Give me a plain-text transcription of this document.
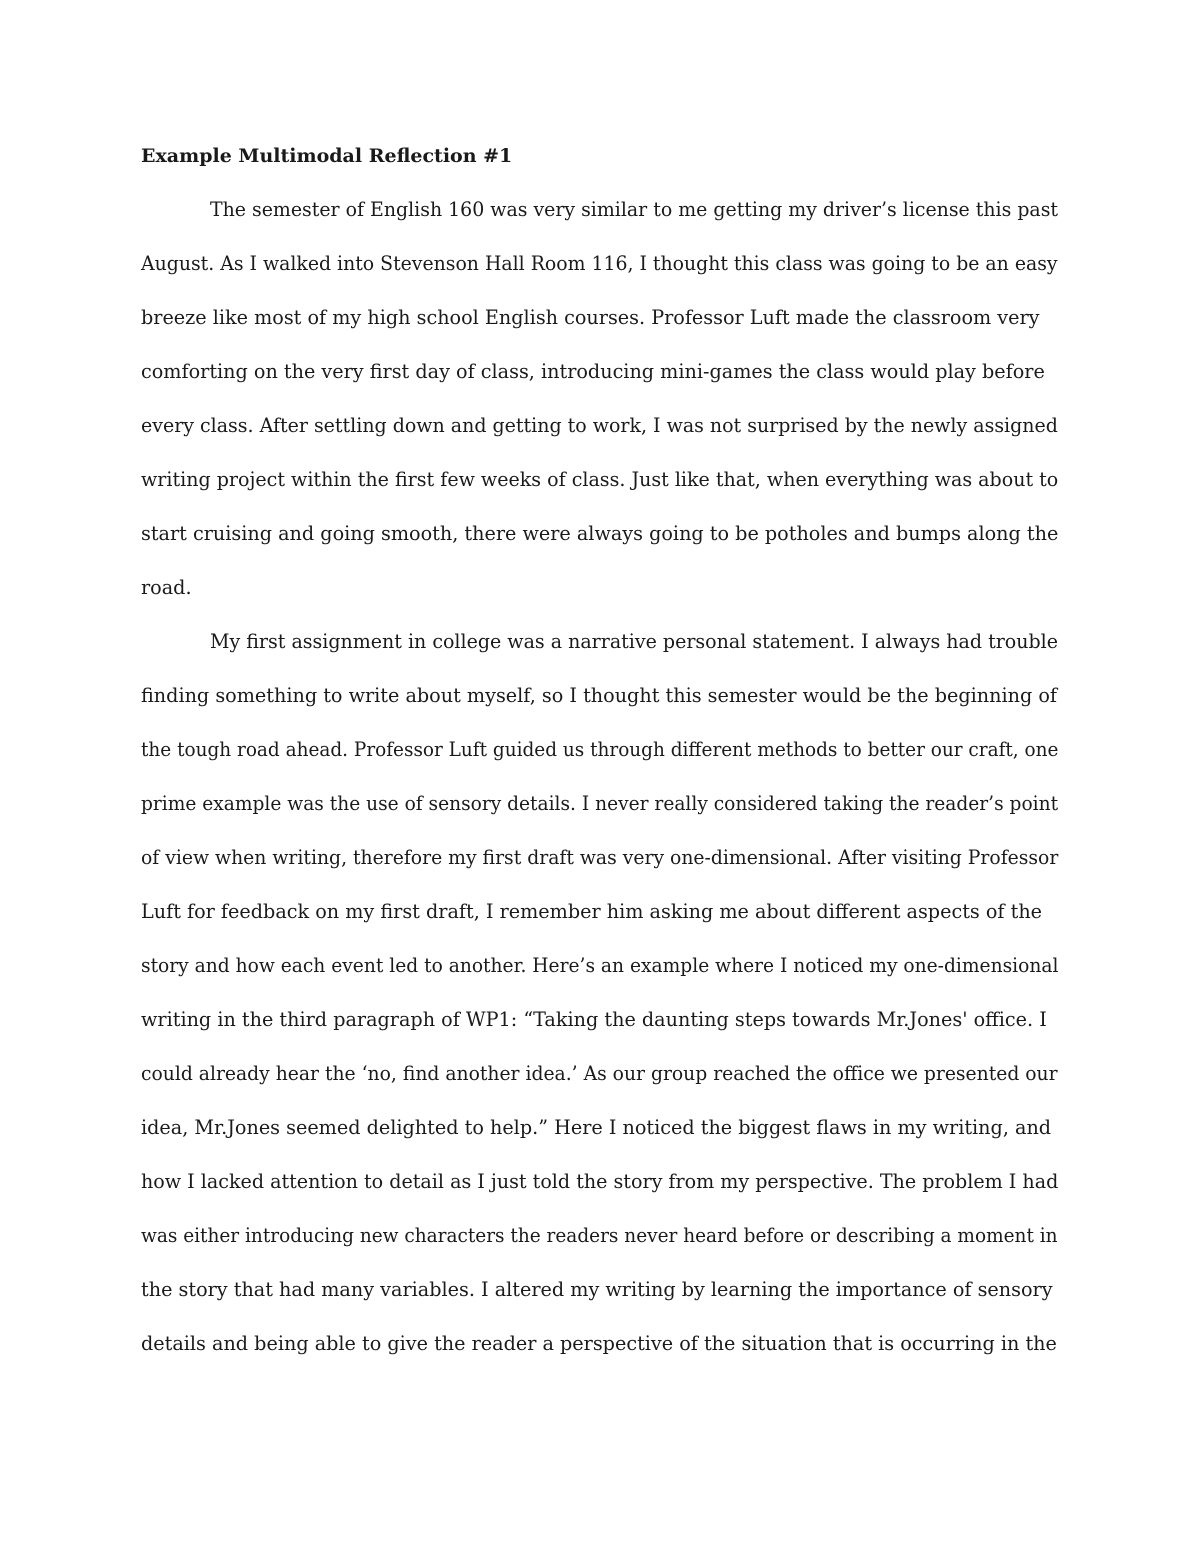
Example Multimodal Reflection #1
The semester of English 160 was very similar to me getting my driver’s license this past
August. As I walked into Stevenson Hall Room 116, I thought this class was going to be an easy
breeze like most of my high school English courses. Professor Luft made the classroom very
comforting on the very first day of class, introducing mini-games the class would play before
every class. After settling down and getting to work, I was not surprised by the newly assigned
writing project within the first few weeks of class. Just like that, when everything was about to
start cruising and going smooth, there were always going to be potholes and bumps along the
road.
My first assignment in college was a narrative personal statement. I always had trouble
finding something to write about myself, so I thought this semester would be the beginning of
the tough road ahead. Professor Luft guided us through different methods to better our craft, one
prime example was the use of sensory details. I never really considered taking the reader’s point
of view when writing, therefore my first draft was very one-dimensional. After visiting Professor
Luft for feedback on my first draft, I remember him asking me about different aspects of the
story and how each event led to another. Here’s an example where I noticed my one-dimensional
writing in the third paragraph of WP1: “Taking the daunting steps towards Mr.Jones' office. I
could already hear the ‘no, find another idea.’ As our group reached the office we presented our
idea, Mr.Jones seemed delighted to help.” Here I noticed the biggest flaws in my writing, and
how I lacked attention to detail as I just told the story from my perspective. The problem I had
was either introducing new characters the readers never heard before or describing a moment in
the story that had many variables. I altered my writing by learning the importance of sensory
details and being able to give the reader a perspective of the situation that is occurring in the
